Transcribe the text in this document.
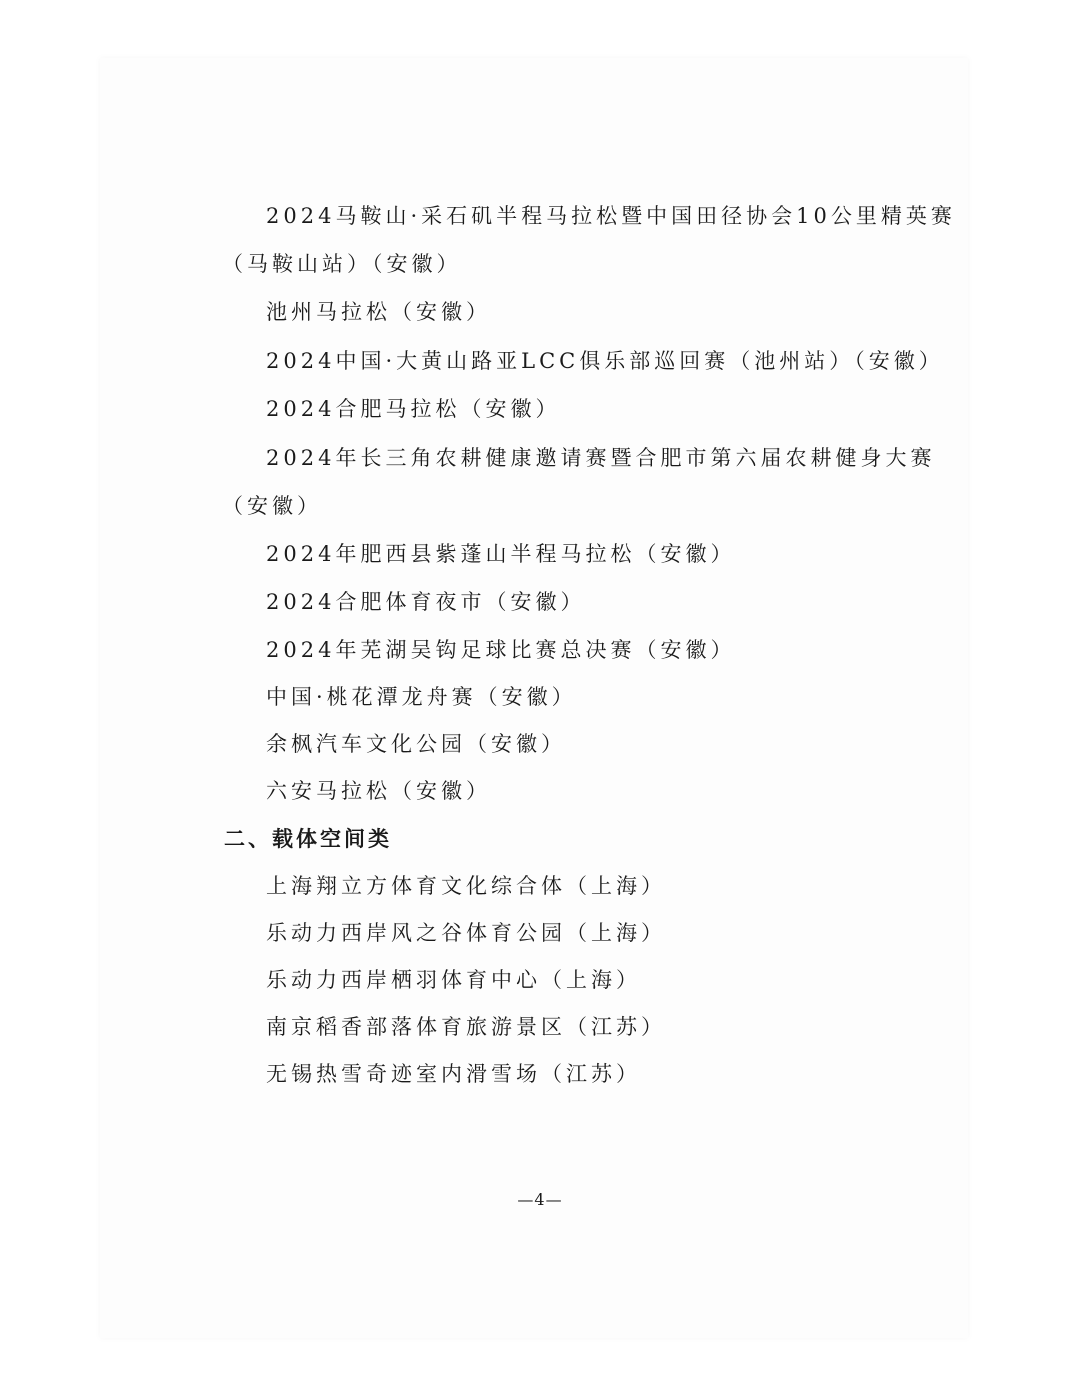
2024马鞍山·采石矶半程马拉松暨中国田径协会10公里精英赛
（马鞍山站）（安徽）
池州马拉松（安徽）
2024中国·大黄山路亚LCC俱乐部巡回赛（池州站）（安徽）
2024合肥马拉松（安徽）
2024年长三角农耕健康邀请赛暨合肥市第六届农耕健身大赛
（安徽）
2024年肥西县紫蓬山半程马拉松（安徽）
2024合肥体育夜市（安徽）
2024年芜湖吴钩足球比赛总决赛（安徽）
中国·桃花潭龙舟赛（安徽）
余枫汽车文化公园（安徽）
六安马拉松（安徽）
二、载体空间类
上海翔立方体育文化综合体（上海）
乐动力西岸风之谷体育公园（上海）
乐动力西岸栖羽体育中心（上海）
南京稻香部落体育旅游景区（江苏）
无锡热雪奇迹室内滑雪场（江苏）
—4—
